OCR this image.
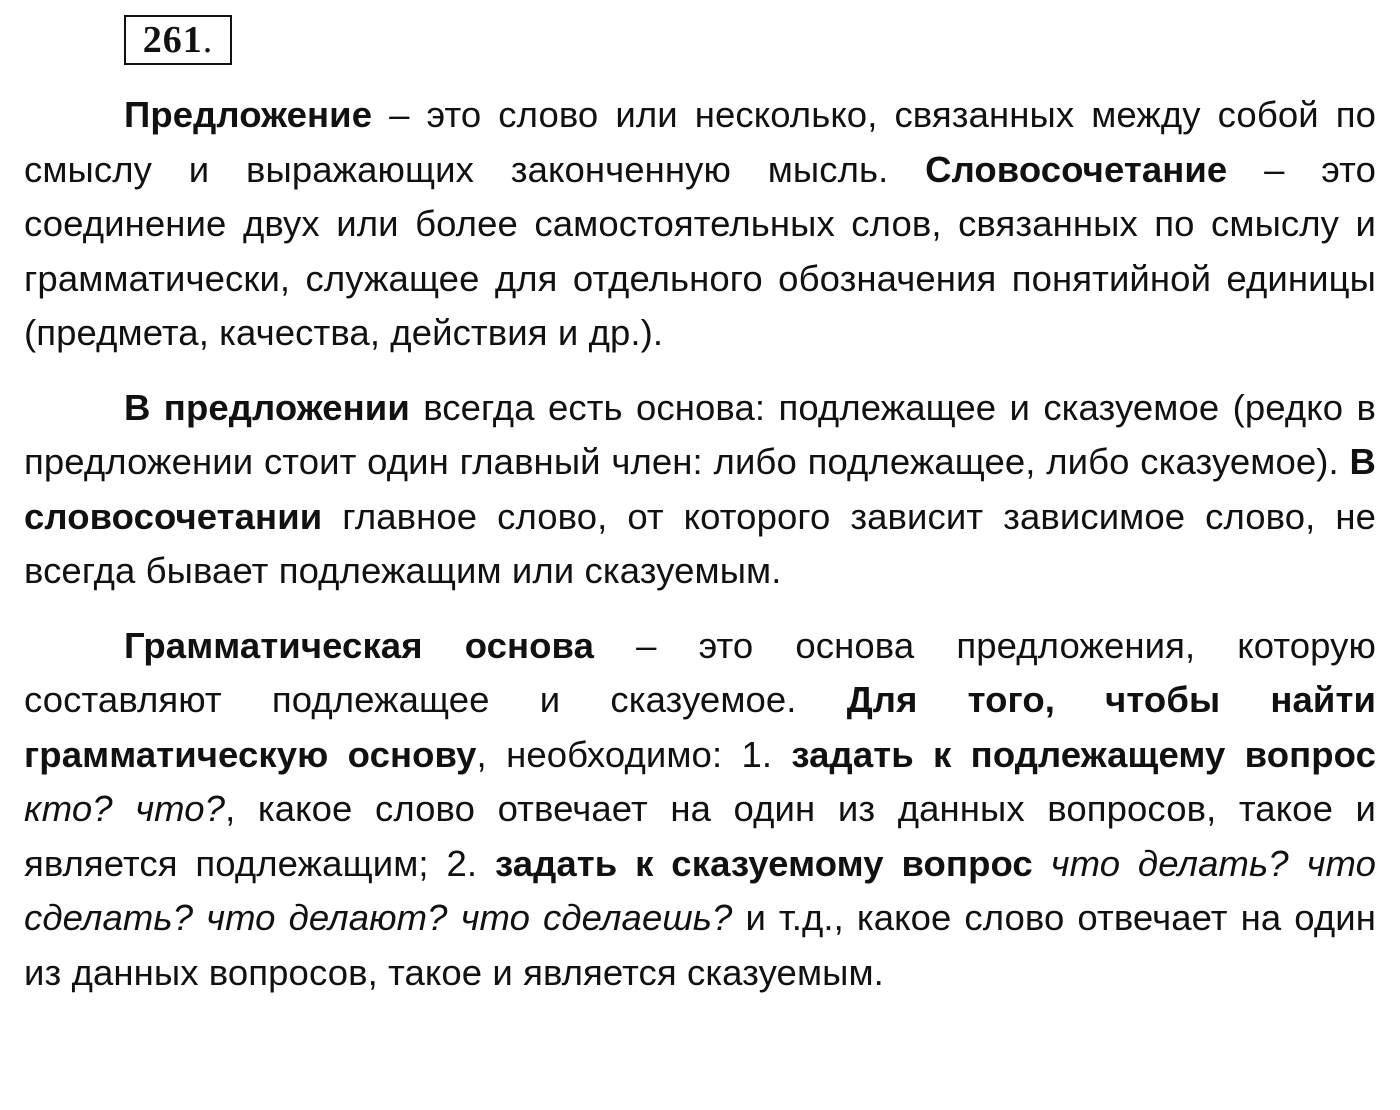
261 .

Предложение – это слово или несколько, связанных между собой по смыслу и выражающих законченную мысль. Словосочетание – это соединение двух или более самостоятельных слов, связанных по смыслу и грамматически, служащее для отдельного обозначения понятийной единицы (предмета, качества, действия и др.).

В предложении всегда есть основа: подлежащее и сказуемое (редко в предложении стоит один главный член: либо подлежащее, либо сказуемое). В словосочетании главное слово, от которого зависит зависимое слово, не всегда бывает подлежащим или сказуемым.

Грамматическая основа – это основа предложения, которую составляют подлежащее и сказуемое. Для того, чтобы найти грамматическую основу, необходимо: 1. задать к подлежащему вопрос кто? что?, какое слово отвечает на один из данных вопросов, такое и является подлежащим; 2. задать к сказуемому вопрос что делать? что сделать? что делают? что сделаешь? и т.д., какое слово отвечает на один из данных вопросов, такое и является сказуемым.
